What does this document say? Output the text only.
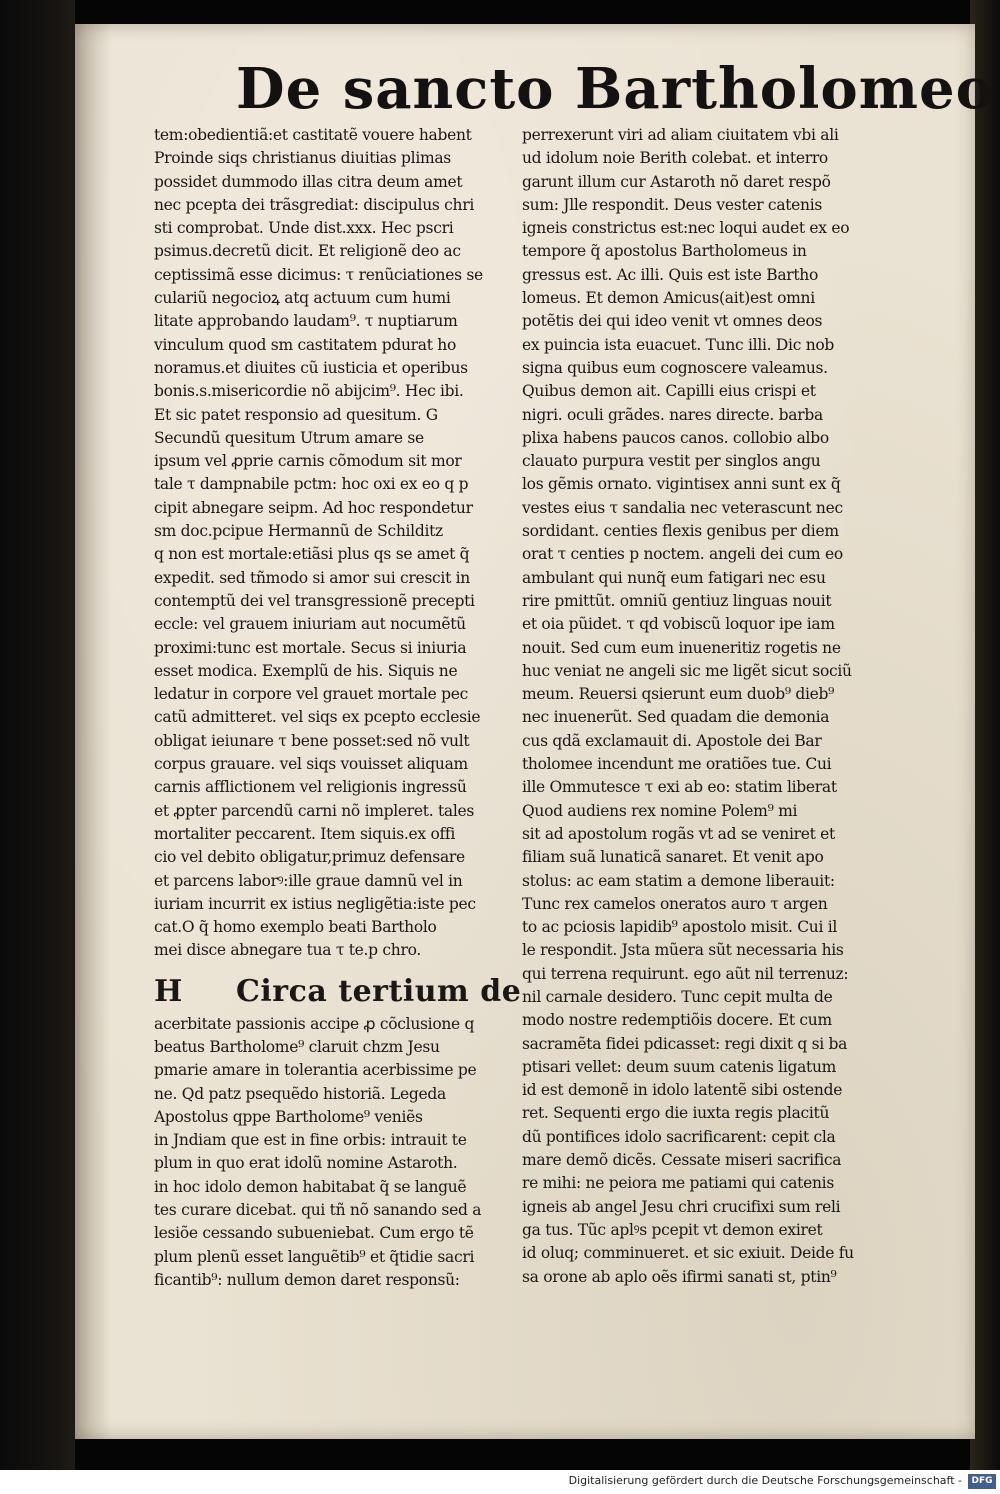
De sancto Bartholomeo
tem:obedientiã:et castitatẽ vouere habent
Proinde siqs christianus diuitias plimas
possidet dummodo illas citra deum amet
nec pcepta dei trãsgrediat: discipulus chri
sti comprobat. Unde dist.xxx. Hec pscri
psimus.decretũ dicit. Et religionẽ deo ac
ceptissimã esse dicimus: τ renũciationes se
culariũ negocioꝝ atq actuum cum humi
litate approbando laudam⁹. τ nuptiarum
vinculum quod sm castitatem pdurat ho
noramus.et diuites cũ iusticia et operibus
bonis.s.misericordie nõ abijcim⁹. Hec ibi.
Et sic patet responsio ad quesitum. G
Secundũ quesitum Utrum amare se
ipsum vel ꝓprie carnis cõmodum sit mor
tale τ dampnabile pctm: hoc oxi ex eo q p
cipit abnegare seipm. Ad hoc respondetur
sm doc.pcipue Hermannũ de Schilditz
q non est mortale:etiãsi plus qs se amet q̃
expedit. sed tñmodo si amor sui crescit in
contemptũ dei vel transgressionẽ precepti
eccle: vel grauem iniuriam aut nocumẽtũ
proximi:tunc est mortale. Secus si iniuria
esset modica. Exemplũ de his. Siquis ne
ledatur in corpore vel grauet mortale pec
catũ admitteret. vel siqs ex pcepto ecclesie
obligat ieiunare τ bene posset:sed nõ vult
corpus grauare. vel siqs vouisset aliquam
carnis afflictionem vel religionis ingressũ
et ꝓpter parcendũ carni nõ impleret. tales
mortaliter peccarent. Item siquis.ex offi
cio vel debito obligatur,primuz defensare
et parcens laborꝰ:ille graue damnũ vel in
iuriam incurrit ex istius negligẽtia:iste pec
cat.O q̃ homo exemplo beati Bartholo
mei disce abnegare tua τ te.p chro.
H Circa tertium de
acerbitate passionis accipe ꝓ cõclusione q
beatus Bartholome⁹ claruit chzm Jesu
pmarie amare in tolerantia acerbissime pe
ne. Qd patz psequẽdo historiã. Legeda
Apostolus qppe Bartholome⁹ veniẽs
in Jndiam que est in fine orbis: intrauit te
plum in quo erat idolũ nomine Astaroth.
in hoc idolo demon habitabat q̃ se languẽ
tes curare dicebat. qui tñ nõ sanando sed a
lesiõe cessando subueniebat. Cum ergo tẽ
plum plenũ esset languẽtib⁹ et q̃tidie sacri
ficantib⁹: nullum demon daret responsũ:
perrexerunt viri ad aliam ciuitatem vbi ali
ud idolum noie Berith colebat. et interro
garunt illum cur Astaroth nõ daret respõ
sum: Jlle respondit. Deus vester catenis
igneis constrictus est:nec loqui audet ex eo
tempore q̃ apostolus Bartholomeus in
gressus est. Ac illi. Quis est iste Bartho
lomeus. Et demon Amicus(ait)est omni
potẽtis dei qui ideo venit vt omnes deos
ex puincia ista euacuet. Tunc illi. Dic nob
signa quibus eum cognoscere valeamus.
Quibus demon ait. Capilli eius crispi et
nigri. oculi grãdes. nares directe. barba
plixa habens paucos canos. collobio albo
clauato purpura vestit per singlos angu
los gẽmis ornato. vigintisex anni sunt ex q̃
vestes eius τ sandalia nec veterascunt nec
sordidant. centies flexis genibus per diem
orat τ centies p noctem. angeli dei cum eo
ambulant qui nunq̃ eum fatigari nec esu
rire pmittũt. omniũ gentiuz linguas nouit
et oia pũidet. τ qd vobiscũ loquor ipe iam
nouit. Sed cum eum inueneritiz rogetis ne
huc veniat ne angeli sic me ligẽt sicut sociũ
meum. Reuersi qsierunt eum duob⁹ dieb⁹
nec inuenerũt. Sed quadam die demonia
cus qdã exclamauit di. Apostole dei Bar
tholomee incendunt me oratiões tue. Cui
ille Ommutesce τ exi ab eo: statim liberat
Quod audiens rex nomine Polem⁹ mi
sit ad apostolum rogãs vt ad se veniret et
filiam suã lunaticã sanaret. Et venit apo
stolus: ac eam statim a demone liberauit:
Tunc rex camelos oneratos auro τ argen
to ac pciosis lapidib⁹ apostolo misit. Cui il
le respondit. Jsta mũera sũt necessaria his
qui terrena requirunt. ego aũt nil terrenuz:
nil carnale desidero. Tunc cepit multa de
modo nostre redemptiõis docere. Et cum
sacramẽta fidei pdicasset: regi dixit q si ba
ptisari vellet: deum suum catenis ligatum
id est demonẽ in idolo latentẽ sibi ostende
ret. Sequenti ergo die iuxta regis placitũ
dũ pontifices idolo sacrificarent: cepit cla
mare demõ dicẽs. Cessate miseri sacrifica
re mihi: ne peiora me patiami qui catenis
igneis ab angel Jesu chri crucifixi sum reli
ga tus. Tũc aplꝰs pcepit vt demon exiret
id oluq; comminueret. et sic exiuit. Deide fu
sa orone ab aplo oẽs ifirmi sanati st, ptin⁹
Digitalisierung gefördert durch die Deutsche Forschungsgemeinschaft -	DFG
